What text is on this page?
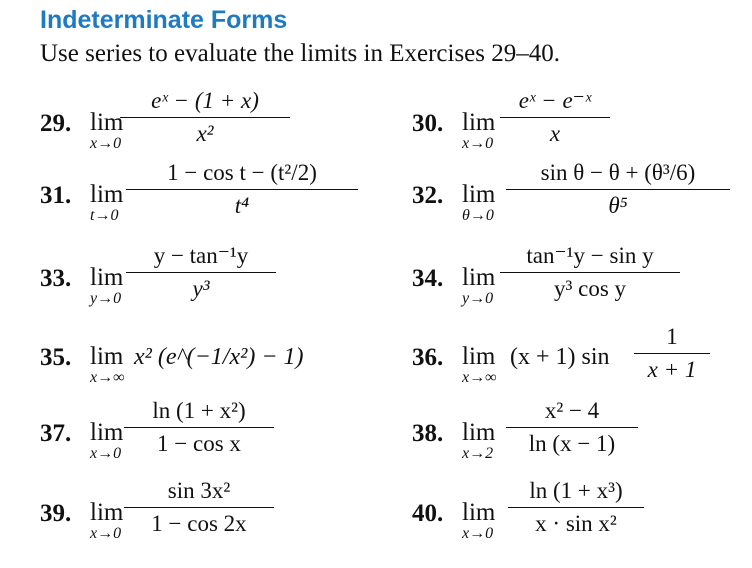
Indeterminate Forms
Use series to evaluate the limits in Exercises 29–40.
29. lim
x→0
eˣ − (1 + x)
x²	30. lim
x→0
eˣ − e⁻ˣ
x
31. lim
t→0
1 − cos t − (t²/2)
t⁴	32. lim
θ→0
sin θ − θ + (θ³/6)
θ⁵
33. lim
y→0
y − tan⁻¹y
y³	34. lim
y→0
tan⁻¹y − sin y
y³ cos y
35. lim
x→∞
x² (e^(−1/x²) − 1)	36. lim
x→∞
(x + 1) sin
1
x + 1
37. lim
x→0
ln (1 + x²)
1 − cos x	38. lim
x→2
x² − 4
ln (x − 1)
39. lim
x→0
sin 3x²
1 − cos 2x	40. lim
x→0
ln (1 + x³)
x · sin x²
